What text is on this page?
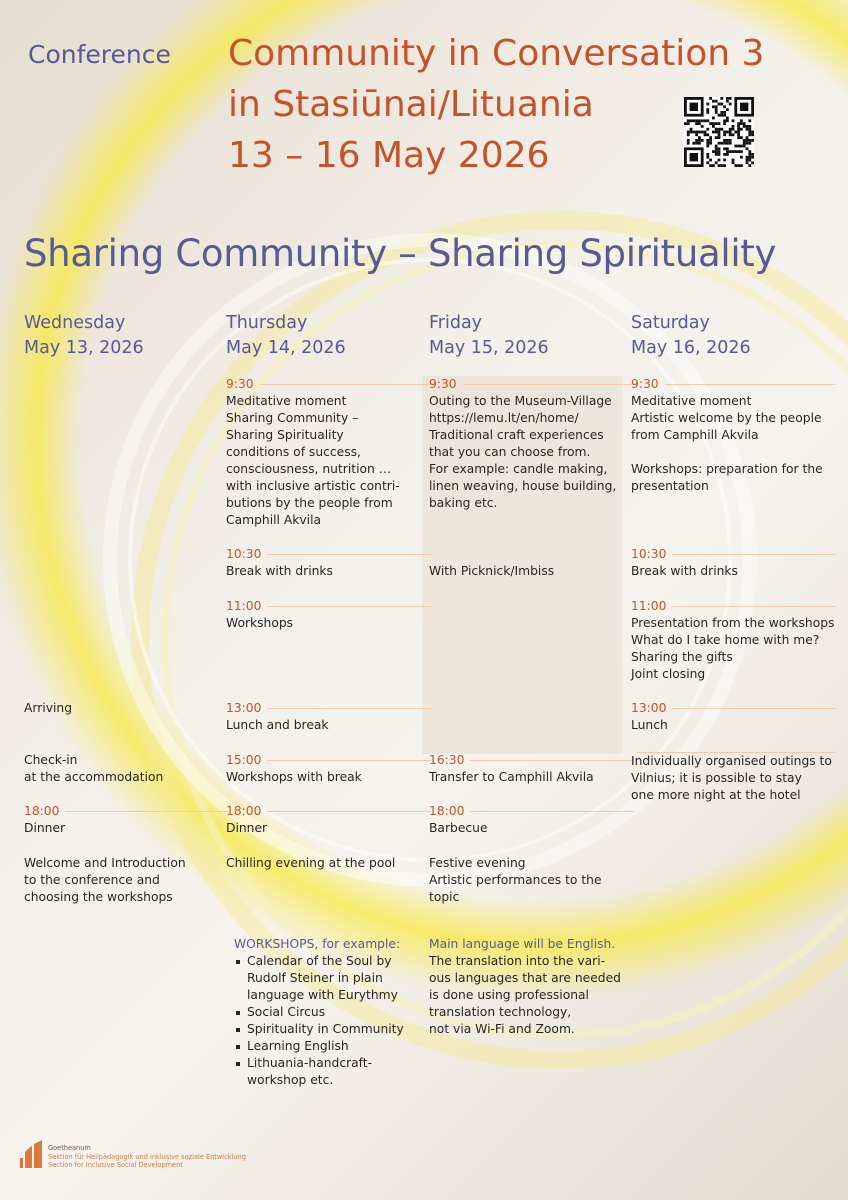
Conference Community in Conversation 3
in Stasiūnai/Lituania
13 – 16 May 2026
Sharing Community – Sharing Spirituality
Wednesday
May 13, 2026
Arriving
Check-in
at the accommodation
18:00
Dinner
Welcome and Introduction
to the conference and
choosing the workshops
Thursday
May 14, 2026
9:30
Meditative moment
Sharing Community –
Sharing Spirituality
conditions of success,
consciousness, nutrition …
with inclusive artistic contri-
butions by the people from
Camphill Akvila
10:30
Break with drinks
11:00
Workshops
13:00
Lunch and break
15:00
Workshops with break
18:00
Dinner
Chilling evening at the pool
Friday
May 15, 2026
9:30
Outing to the Museum-Village
https://lemu.lt/en/home/
Traditional craft experiences
that you can choose from.
For example: candle making,
linen weaving, house building,
baking etc.
With Picknick/Imbiss
16:30
Transfer to Camphill Akvila
18:00
Barbecue
Festive evening
Artistic performances to the topic
Saturday
May 16, 2026
9:30
Meditative moment
Artistic welcome by the people
from Camphill Akvila

Workshops: preparation for the
presentation
10:30
Break with drinks
11:00
Presentation from the workshops
What do I take home with me?
Sharing the gifts
Joint closing
13:00
Lunch
Individually organised outings to
Vilnius; it is possible to stay
one more night at the hotel
WORKSHOPS, for example:
Calendar of the Soul by
Rudolf Steiner in plain
language with Eurythmy
Social Circus
Spirituality in Community
Learning English
Lithuania-handcraft-
workshop etc.
Main language will be English.
The translation into the vari-
ous languages that are needed
is done using professional
translation technology,
not via Wi-Fi and Zoom.
Goetheanum
Sektion für Heilpädagogik und inklusive soziale Entwicklung
Section for Inclusive Social Development
